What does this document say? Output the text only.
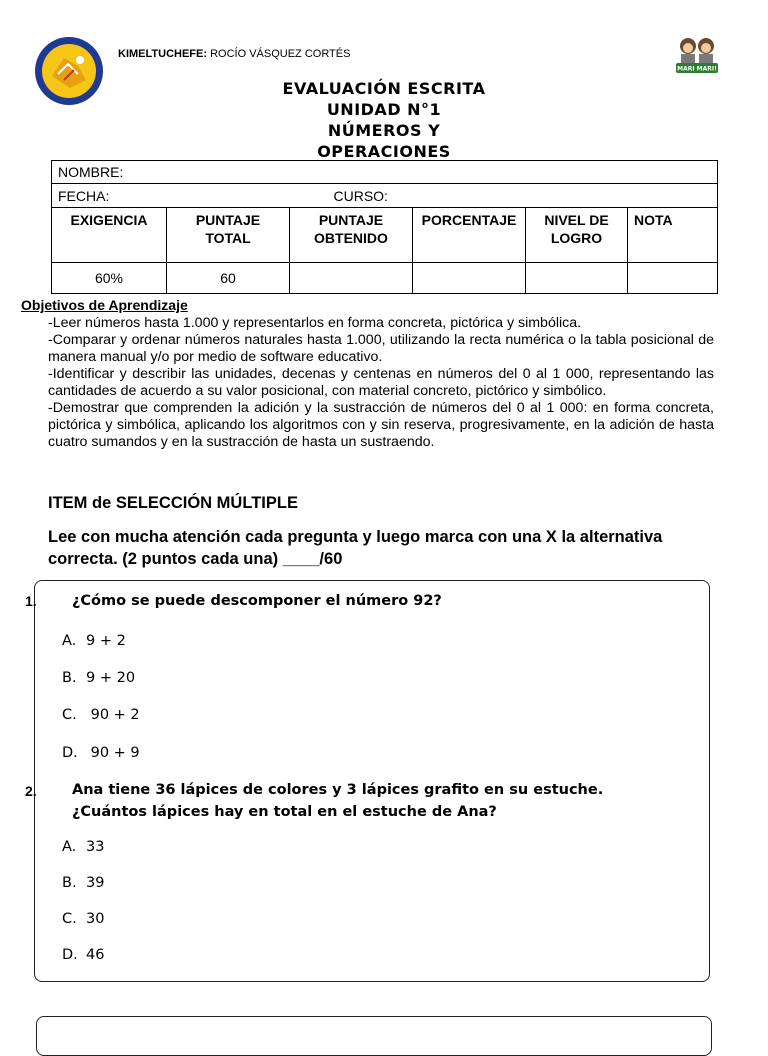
KIMELTUCHEFE: ROCÍO VÁSQUEZ CORTÉS
MARI MARI!
EVALUACIÓN ESCRITA
UNIDAD N°1
NÚMEROS Y
OPERACIONES
NOMBRE:					
FECHA:		CURSO:			
EXIGENCIA	PUNTAJE TOTAL	PUNTAJE OBTENIDO	PORCENTAJE	NIVEL DE LOGRO	NOTA
60%	60				
Objetivos de Aprendizaje

-Leer números hasta 1.000 y representarlos en forma concreta, pictórica y simbólica.

-Comparar y ordenar números naturales hasta 1.000, utilizando la recta numérica o la tabla posicional de manera manual y/o por medio de software educativo.

-Identificar y describir las unidades, decenas y centenas en números del 0 al 1 000, representando las cantidades de acuerdo a su valor posicional, con material concreto, pictórico y simbólico.

-Demostrar que comprenden la adición y la sustracción de números del 0 al 1 000: en forma concreta, pictórica y simbólica, aplicando los algoritmos con y sin reserva, progresivamente, en la adición de hasta cuatro sumandos y en la sustracción de hasta un sustraendo.

ITEM de SELECCIÓN MÚLTIPLE
Lee con mucha atención cada pregunta y luego marca con una X la alternativa correcta. (2 puntos cada una) ____/60
1. ¿Cómo se puede descomponer el número 92?
A. 9 + 2
B. 9 + 20
C. 90 + 2
D. 90 + 9
2. Ana tiene 36 lápices de colores y 3 lápices grafito en su estuche.
¿Cuántos lápices hay en total en el estuche de Ana?
A. 33
B. 39
C. 30
D. 46
